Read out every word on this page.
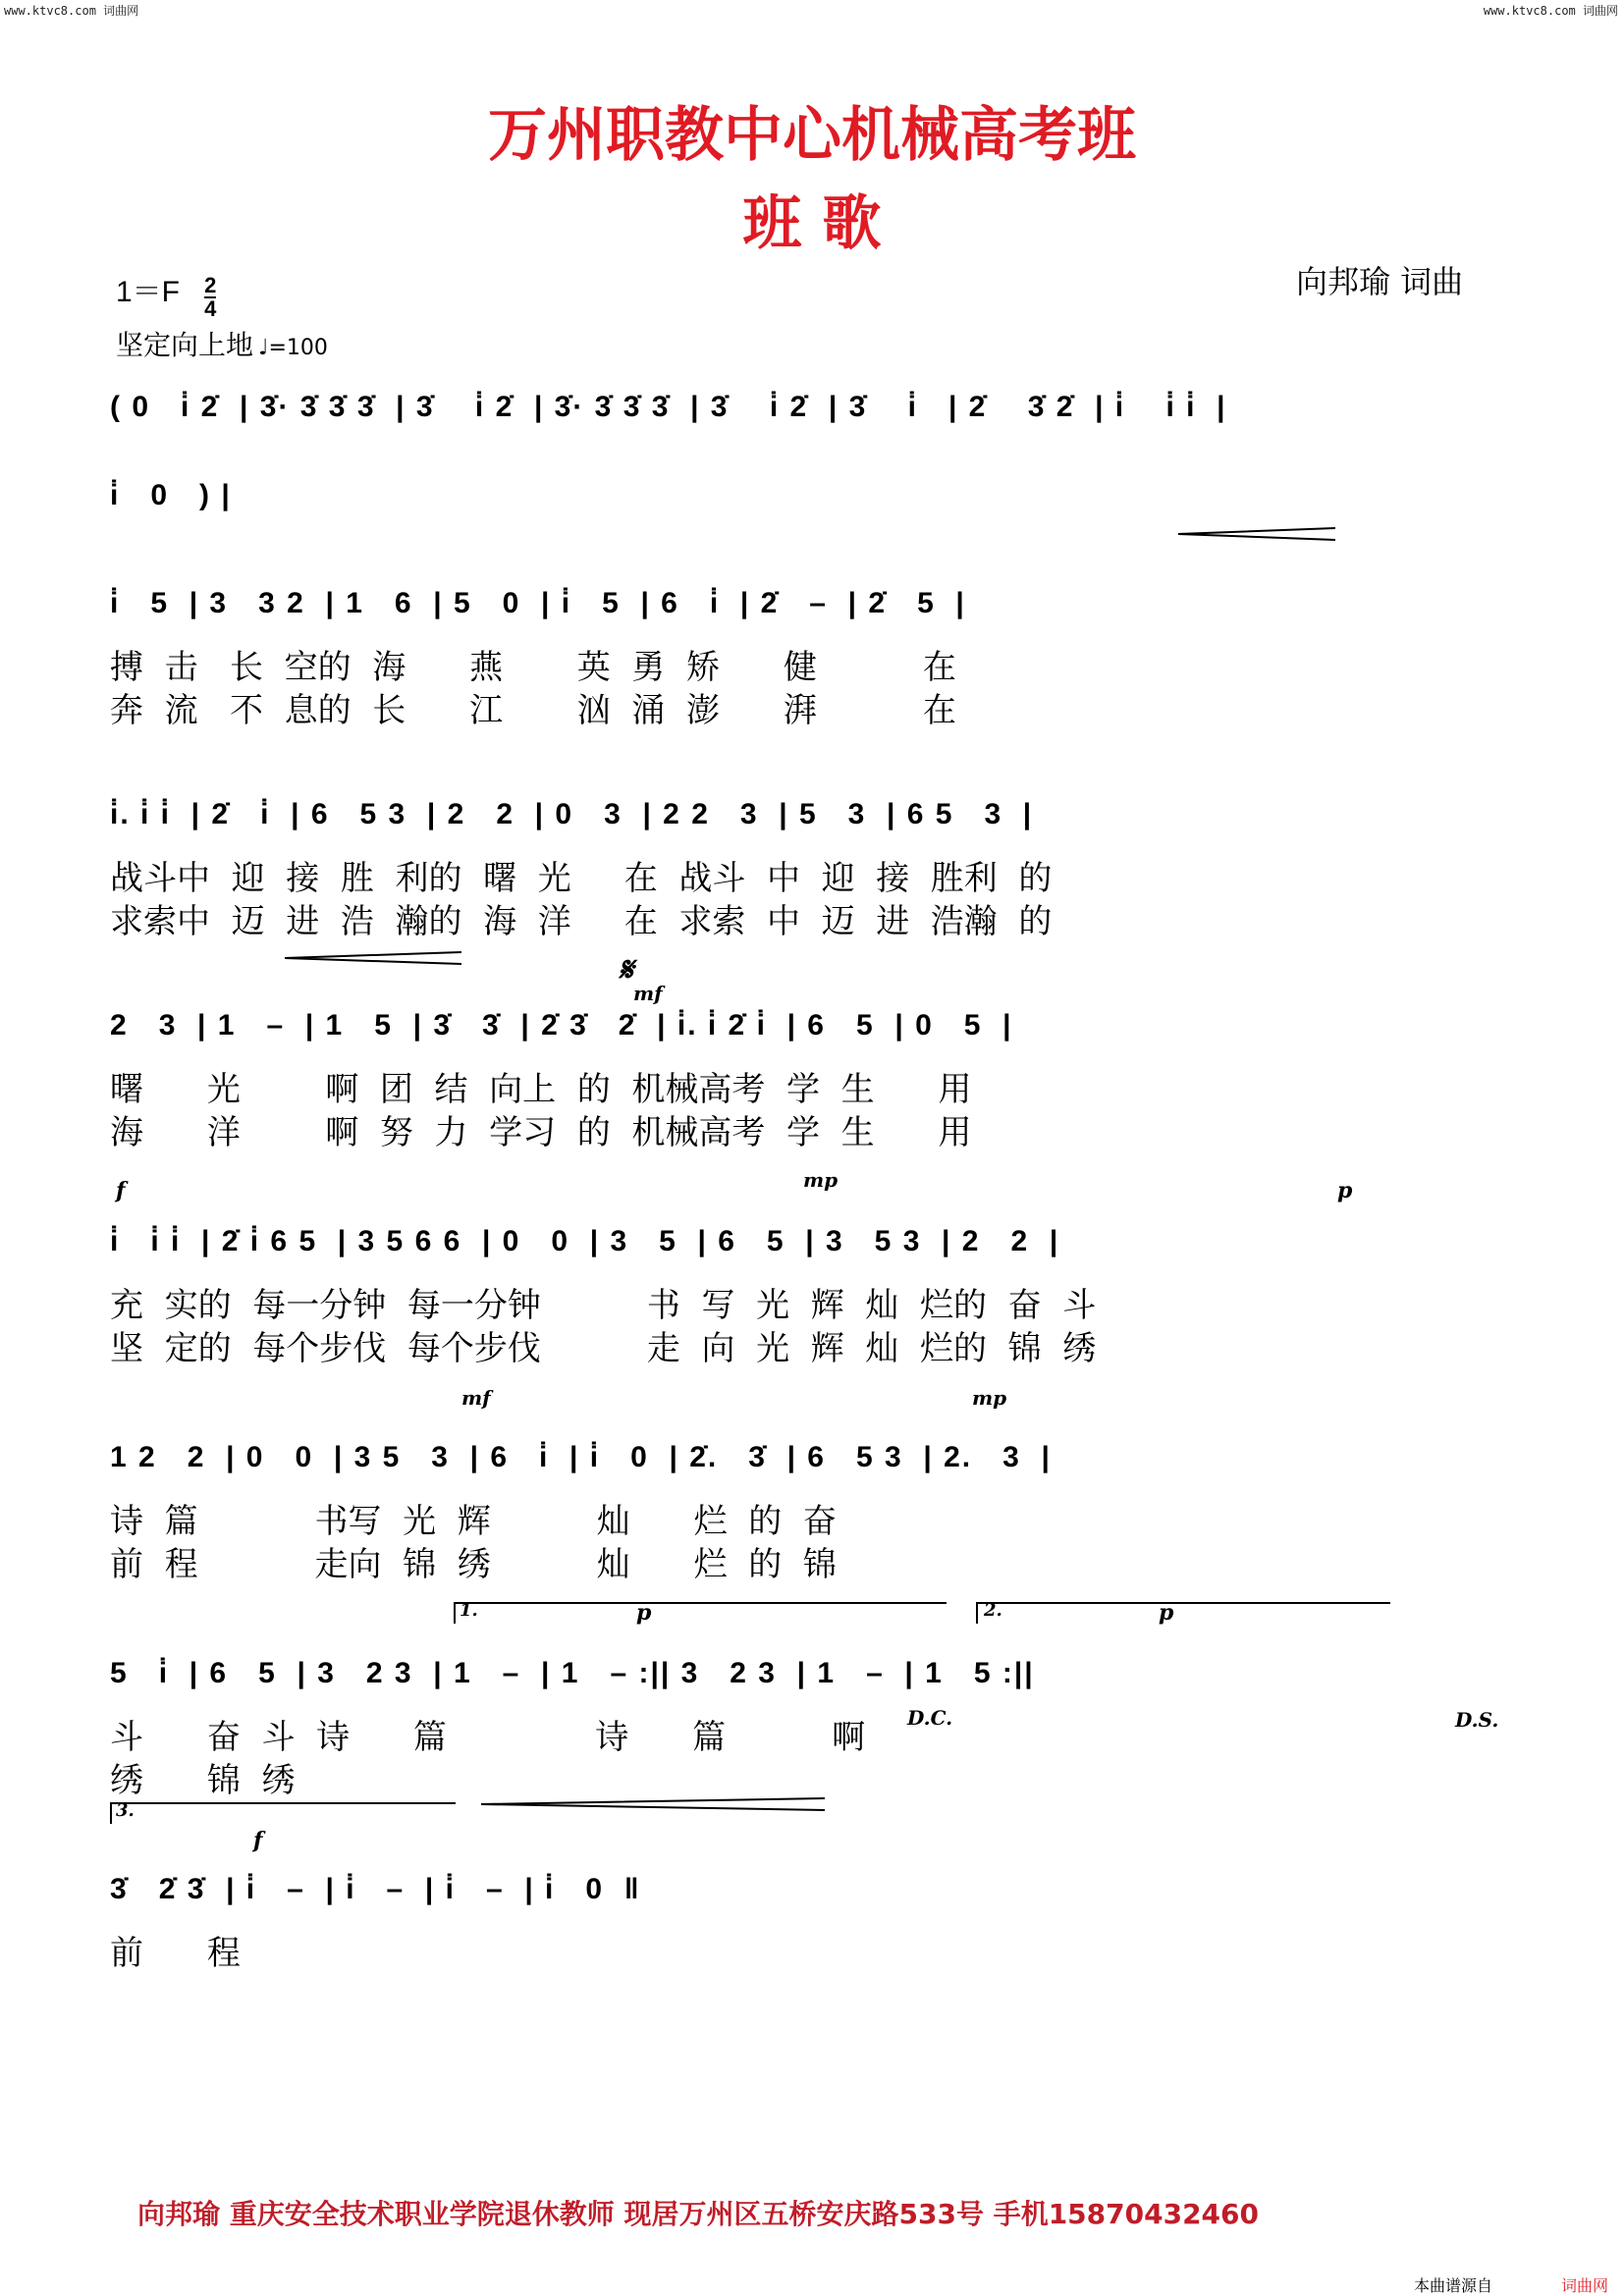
www.ktvc8.com 词曲网	www.ktvc8.com 词曲网
万州职教中心机械高考班
班 歌
$1=F \frac{2}{4}$	向邦瑜 词曲
坚定向上地 ♩=100
( 0   i̇ 2̇  | 3̇· 3̇ 3̇ 3̇  | 3̇    i̇ 2̇  | 3̇· 3̇ 3̇ 3̇  | 3̇    i̇ 2̇  | 3̇    i̇   | 2̇    3̇ 2̇  | i̇    i̇ i̇  |
i̇   0   ) |
i̇   5  | 3   3 2  | 1   6  | 5   0  | i̇   5  | 6   i̇  | 2̇   –  | 2̇   5  |
搏  击   长  空的  海      燕       英  勇  矫      健          在
奔  流   不  息的  长      江       汹  涌  澎      湃          在
i̇. i̇ i̇  | 2̇   i̇  | 6   5 3  | 2   2  | 0   3  | 2 2   3  | 5   3  | 6 5   3  |
战斗中  迎  接  胜  利的  曙  光     在  战斗  中  迎  接  胜利  的
求索中  迈  进  浩  瀚的  海  洋     在  求索  中  迈  进  浩瀚  的
2   3  | 1   –  | 1   5  | 3̇   3̇  | 2̇ 3̇   2̇  | i̇. i̇ 2̇ i̇  | 6   5  | 0   5  |
曙      光        啊  团  结  向上  的  机械高考  学  生      用
海      洋        啊  努  力  学习  的  机械高考  学  生      用
i̇   i̇ i̇  | 2̇ i̇ 6 5  | 3 5 6 6  | 0   0  | 3   5  | 6   5  | 3   5 3  | 2   2  |
充  实的  每一分钟  每一分钟          书  写  光  辉  灿  烂的  奋  斗
坚  定的  每个步伐  每个步伐          走  向  光  辉  灿  烂的  锦  绣
1 2   2  | 0   0  | 3 5   3  | 6   i̇  | i̇   0  | 2̇.   3̇  | 6   5 3  | 2.   3  |
诗  篇           书写  光  辉          灿      烂  的  奋
前  程           走向  锦  绣          灿      烂  的  锦
5   i̇  | 6   5  | 3   2 3  | 1   –  | 1   – :|| 3   2 3  | 1   –  | 1   5 :||
斗      奋  斗  诗      篇              诗      篇          啊
绣      锦  绣
3̇   2̇ 3̇  | i̇   –  | i̇   –  | i̇   –  | i̇   0  ‖
前      程
𝄋
mf
f	mp	p
mf	mp
p	p
f
D.C.	D.S.
1.	2.
3.
向邦瑜 重庆安全技术职业学院退休教师 现居万州区五桥安庆路533号 手机15870432460
本曲谱源自	词曲网
